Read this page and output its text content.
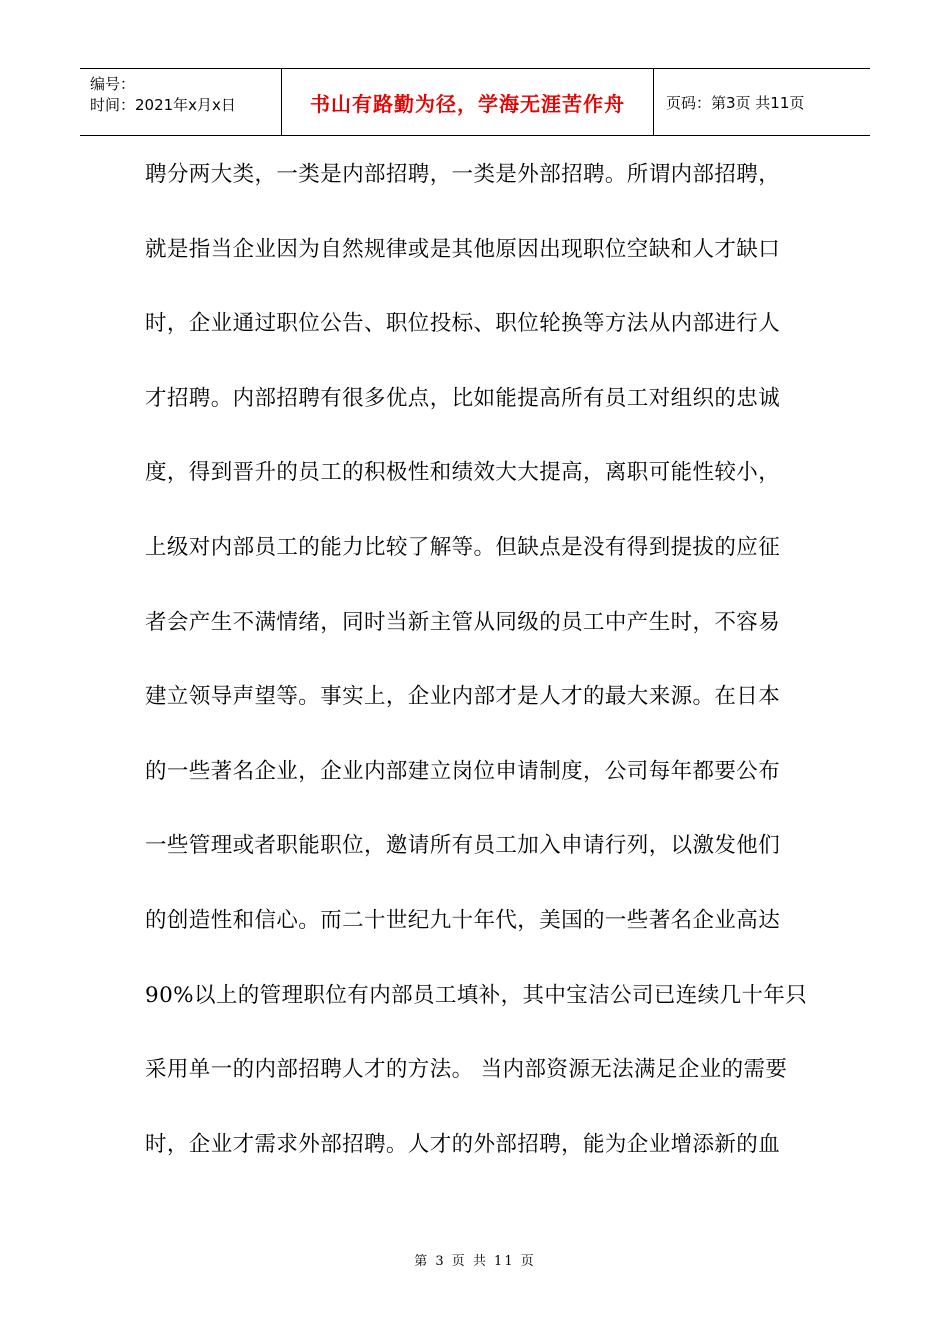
编号：
时间：2021年x月x日	书山有路勤为径，学海无涯苦作舟	页码：第3页 共11页
聘分两大类，一类是内部招聘，一类是外部招聘。所谓内部招聘，
就是指当企业因为自然规律或是其他原因出现职位空缺和人才缺口
时，企业通过职位公告、职位投标、职位轮换等方法从内部进行人
才招聘。内部招聘有很多优点，比如能提高所有员工对组织的忠诚
度，得到晋升的员工的积极性和绩效大大提高，离职可能性较小，
上级对内部员工的能力比较了解等。但缺点是没有得到提拔的应征
者会产生不满情绪，同时当新主管从同级的员工中产生时，不容易
建立领导声望等。事实上，企业内部才是人才的最大来源。在日本
的一些著名企业，企业内部建立岗位申请制度，公司每年都要公布
一些管理或者职能职位，邀请所有员工加入申请行列，以激发他们
的创造性和信心。而二十世纪九十年代，美国的一些著名企业高达
90%以上的管理职位有内部员工填补，其中宝洁公司已连续几十年只
采用单一的内部招聘人才的方法。 当内部资源无法满足企业的需要
时，企业才需求外部招聘。人才的外部招聘，能为企业增添新的血
第 3 页 共 11 页
